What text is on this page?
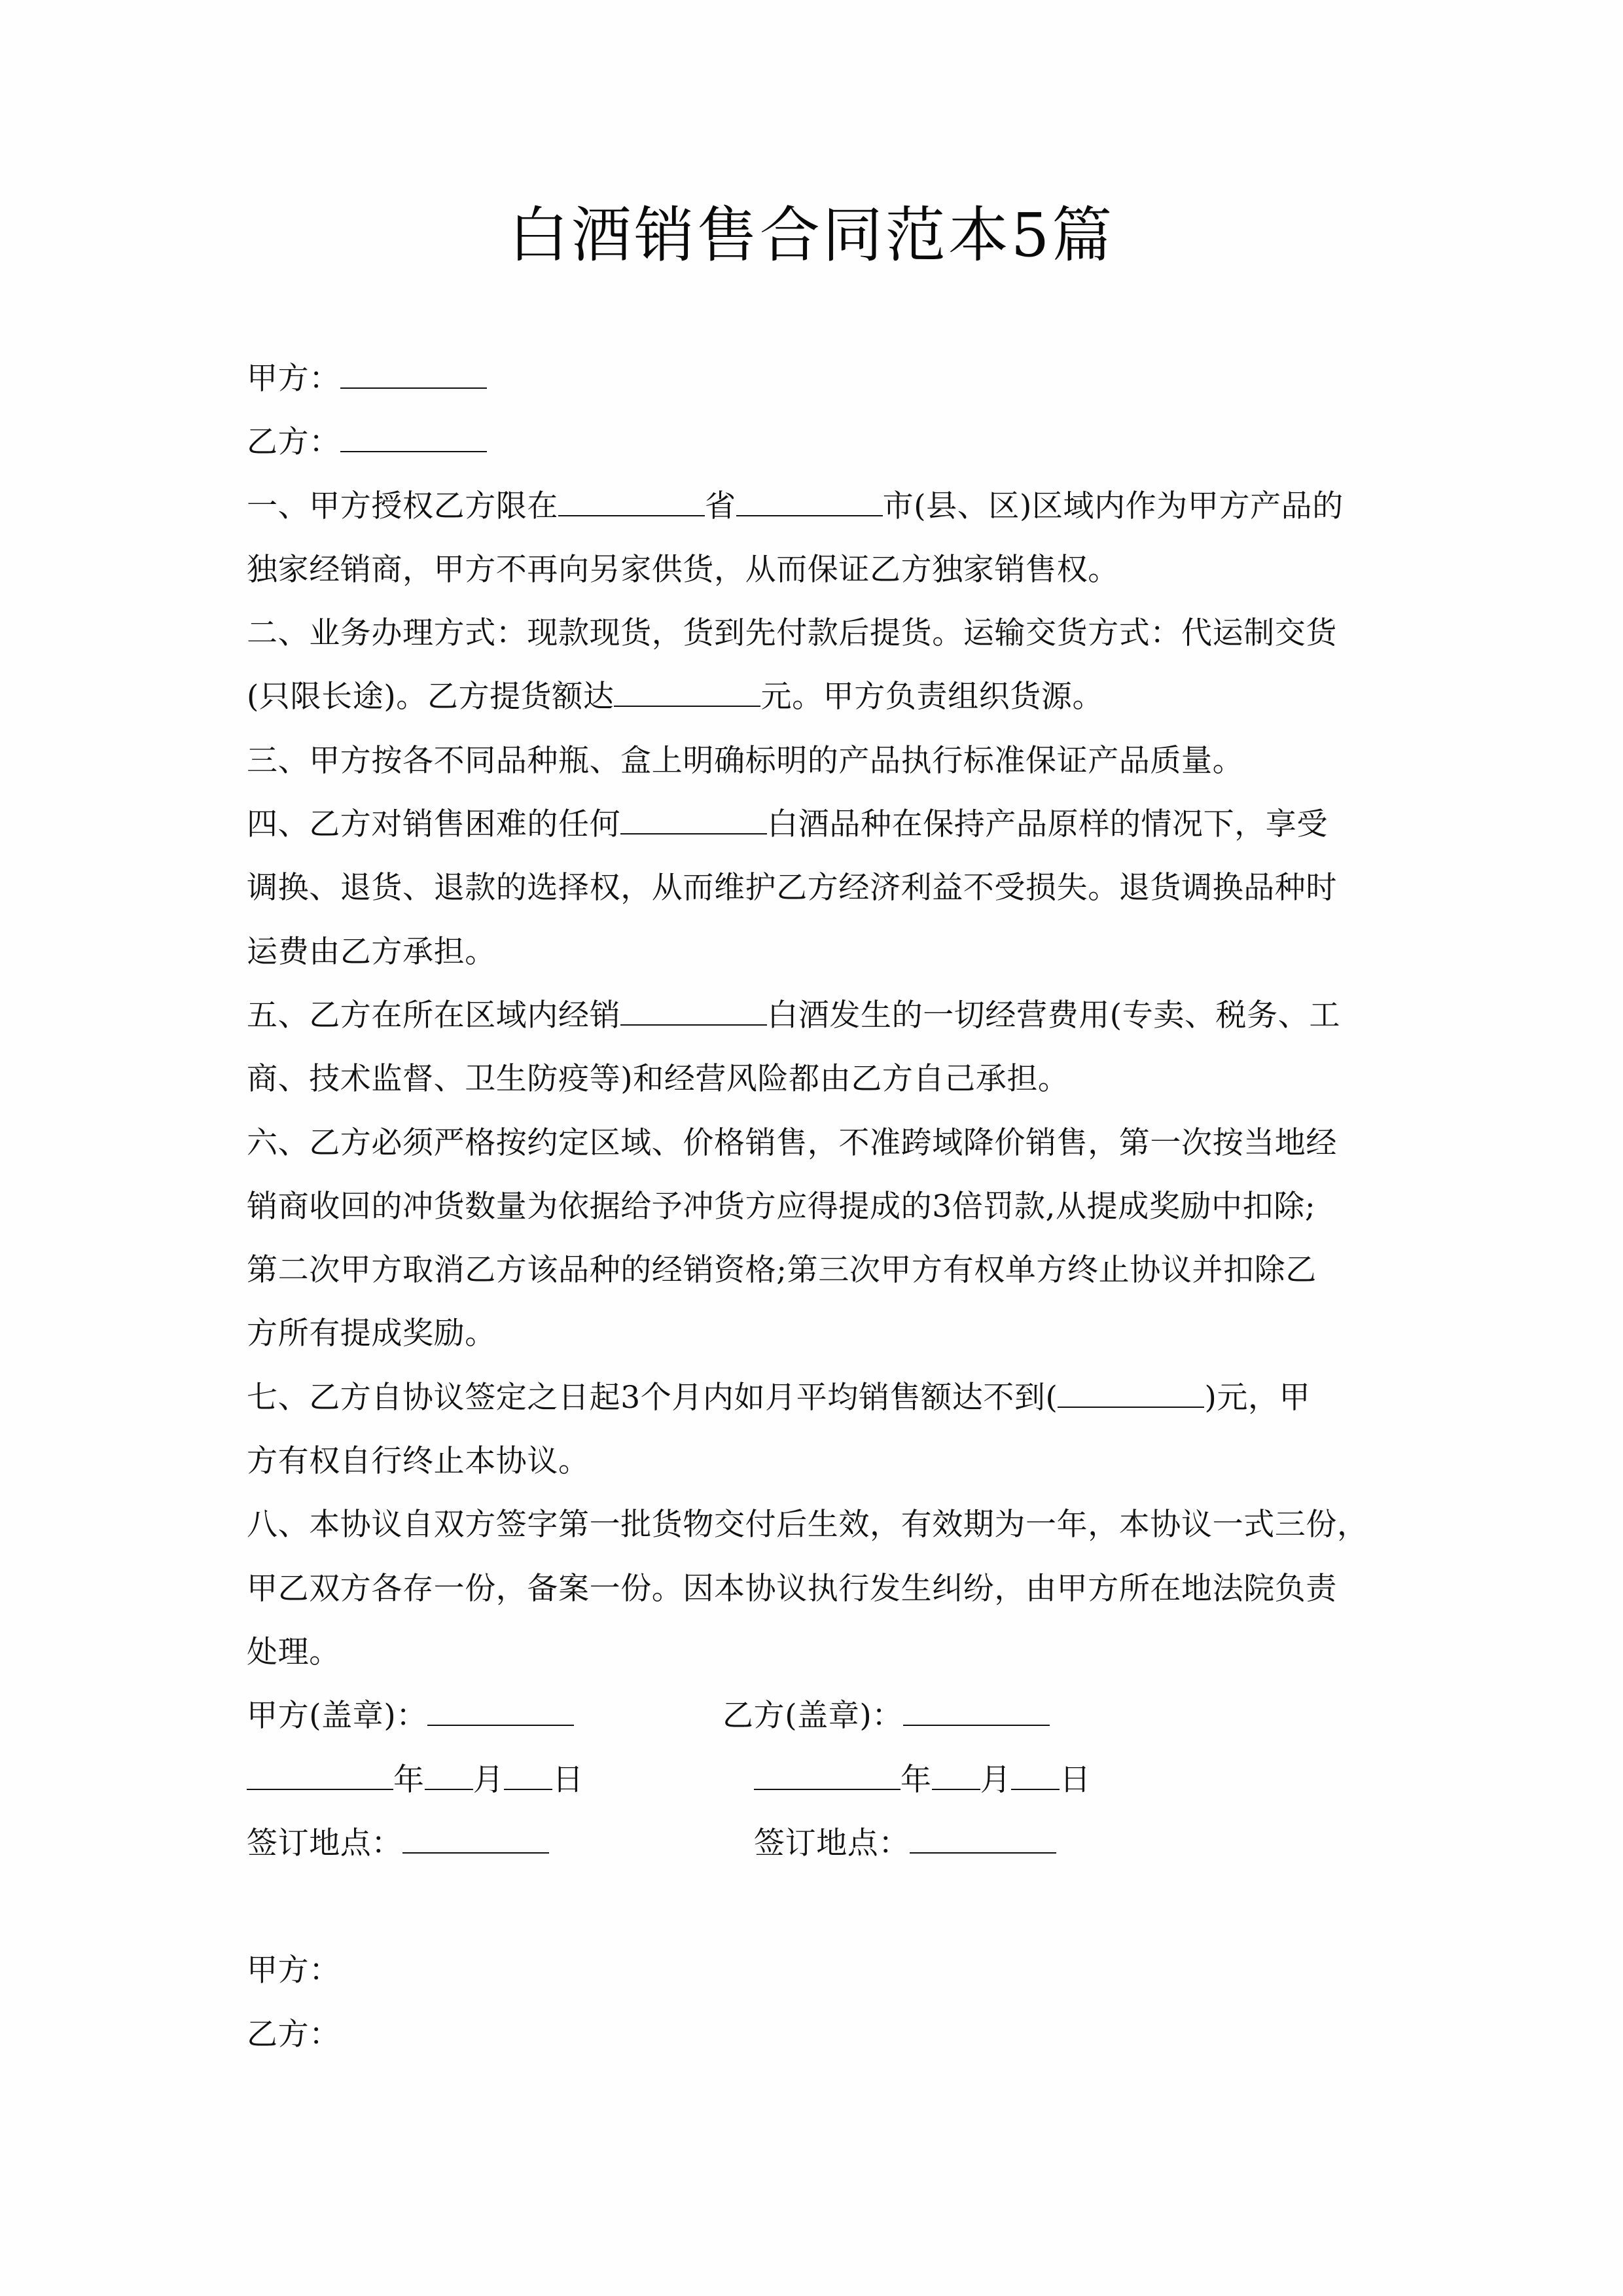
白酒销售合同范本5篇
甲方：
乙方：
一、甲方授权乙方限在	省	市(县、区)区域内作为甲方产品的
独家经销商，甲方不再向另家供货，从而保证乙方独家销售权。
二、业务办理方式：现款现货，货到先付款后提货。运输交货方式：代运制交货
(只限长途)。乙方提货额达	元。甲方负责组织货源。
三、甲方按各不同品种瓶、盒上明确标明的产品执行标准保证产品质量。
四、乙方对销售困难的任何	白酒品种在保持产品原样的情况下，享受
调换、退货、退款的选择权，从而维护乙方经济利益不受损失。退货调换品种时
运费由乙方承担。
五、乙方在所在区域内经销	白酒发生的一切经营费用(专卖、税务、工
商、技术监督、卫生防疫等)和经营风险都由乙方自己承担。
六、乙方必须严格按约定区域、价格销售，不准跨域降价销售，第一次按当地经
销商收回的冲货数量为依据给予冲货方应得提成的3倍罚款,从提成奖励中扣除;
第二次甲方取消乙方该品种的经销资格;第三次甲方有权单方终止协议并扣除乙
方所有提成奖励。
七、乙方自协议签定之日起3个月内如月平均销售额达不到(	)元，甲
方有权自行终止本协议。
八、本协议自双方签字第一批货物交付后生效，有效期为一年，本协议一式三份，
甲乙双方各存一份，备案一份。因本协议执行发生纠纷，由甲方所在地法院负责
处理。
甲方(盖章)：	乙方(盖章)：
年 月 日	年 月 日
签订地点：	签订地点：
甲方：
乙方：
